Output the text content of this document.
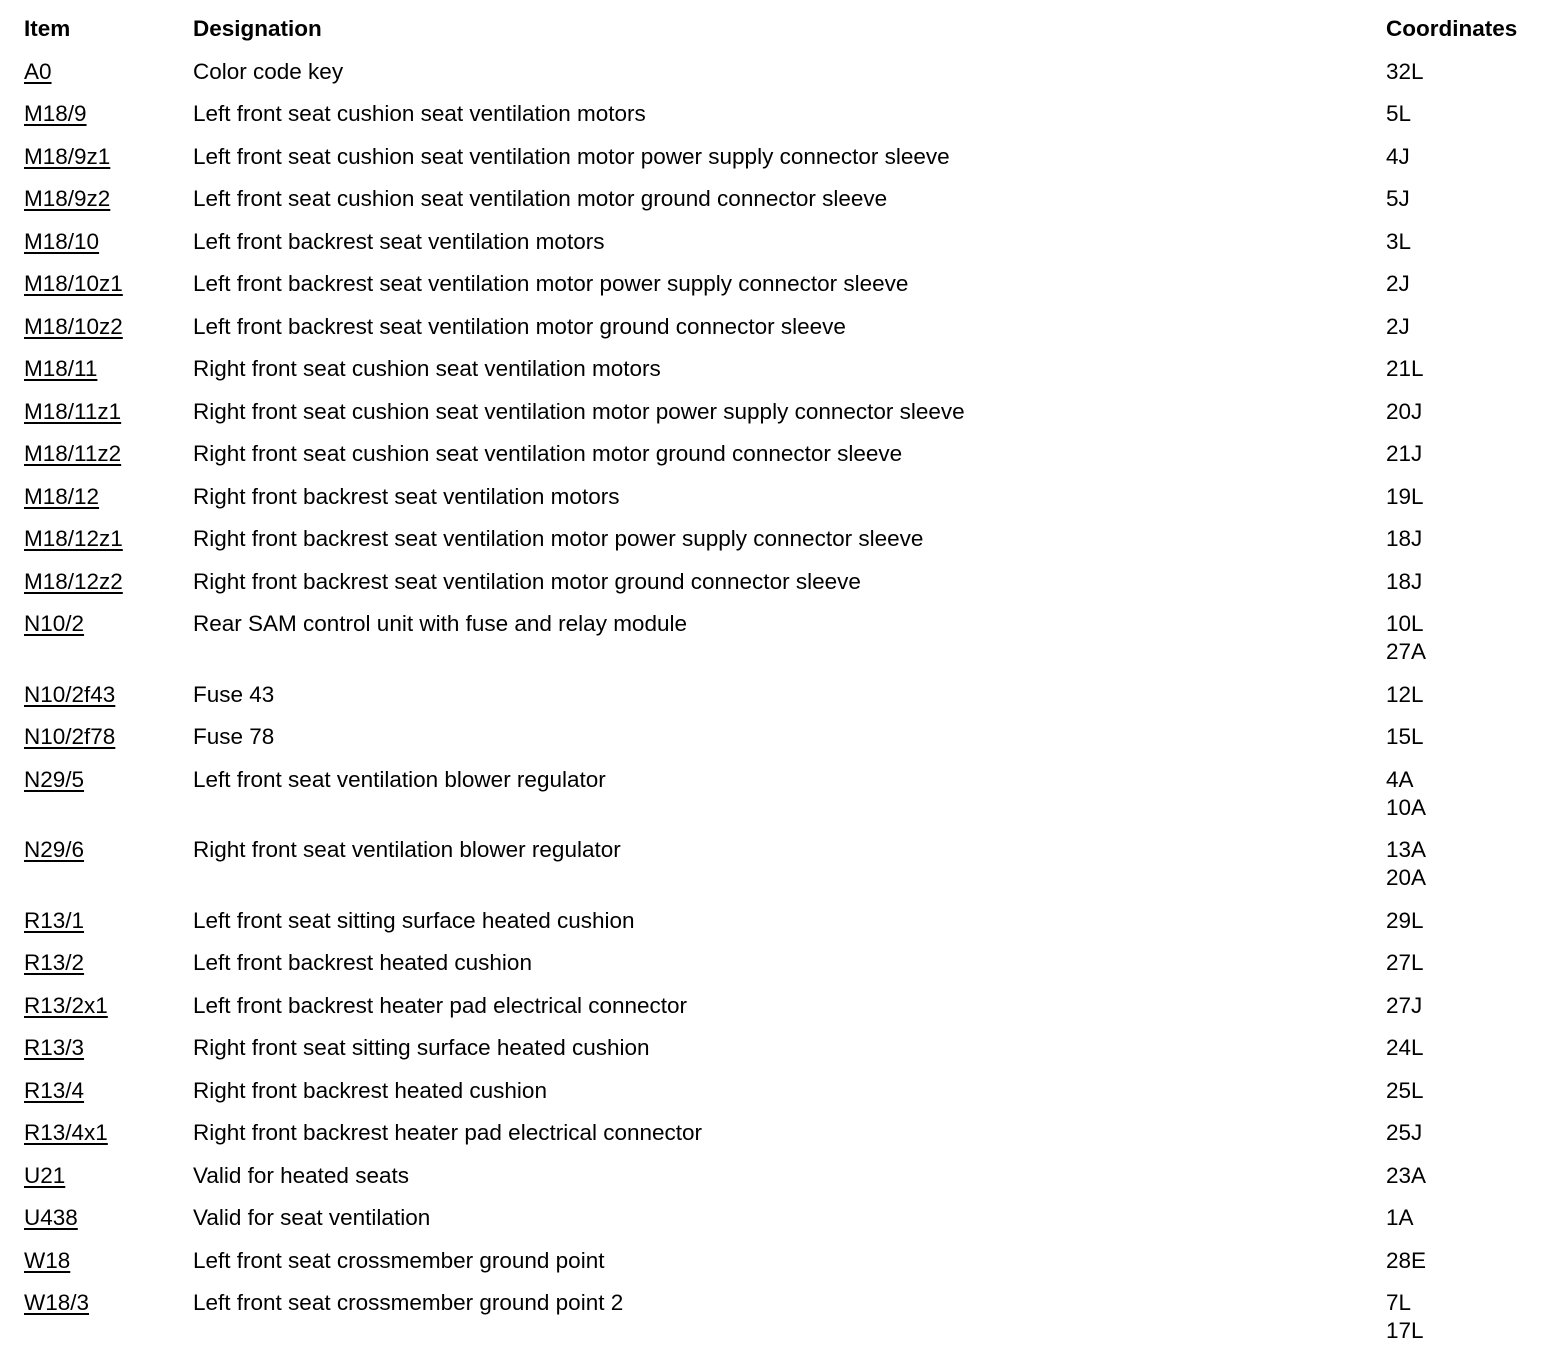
Item	Designation	Coordinates
A0	Color code key	32L
M18/9	Left front seat cushion seat ventilation motors	5L
M18/9z1	Left front seat cushion seat ventilation motor power supply connector sleeve	4J
M18/9z2	Left front seat cushion seat ventilation motor ground connector sleeve	5J
M18/10	Left front backrest seat ventilation motors	3L
M18/10z1	Left front backrest seat ventilation motor power supply connector sleeve	2J
M18/10z2	Left front backrest seat ventilation motor ground connector sleeve	2J
M18/11	Right front seat cushion seat ventilation motors	21L
M18/11z1	Right front seat cushion seat ventilation motor power supply connector sleeve	20J
M18/11z2	Right front seat cushion seat ventilation motor ground connector sleeve	21J
M18/12	Right front backrest seat ventilation motors	19L
M18/12z1	Right front backrest seat ventilation motor power supply connector sleeve	18J
M18/12z2	Right front backrest seat ventilation motor ground connector sleeve	18J
N10/2	Rear SAM control unit with fuse and relay module	10L
27A
N10/2f43	Fuse 43	12L
N10/2f78	Fuse 78	15L
N29/5	Left front seat ventilation blower regulator	4A
10A
N29/6	Right front seat ventilation blower regulator	13A
20A
R13/1	Left front seat sitting surface heated cushion	29L
R13/2	Left front backrest heated cushion	27L
R13/2x1	Left front backrest heater pad electrical connector	27J
R13/3	Right front seat sitting surface heated cushion	24L
R13/4	Right front backrest heated cushion	25L
R13/4x1	Right front backrest heater pad electrical connector	25J
U21	Valid for heated seats	23A
U438	Valid for seat ventilation	1A
W18	Left front seat crossmember ground point	28E
W18/3	Left front seat crossmember ground point 2	7L
17L
